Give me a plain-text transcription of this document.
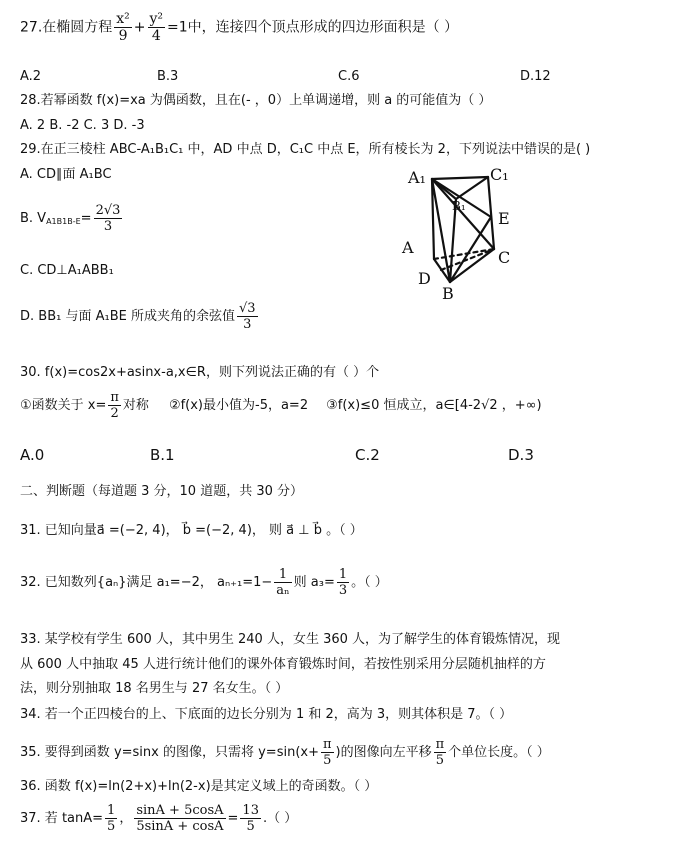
27.在椭圆方程 $\frac{\text{x²}}{9} + \frac{\text{y²}}{4} =1$中，连接四个顶点形成的四边形面积是（ ）
A.2	B.3	C.6	D.12
28.若幂函数 f(x)=xa 为偶函数，且在(- ，0）上单调递增，则 a 的可能值为（ ）
A. 2 B. -2 C. 3 D. -3
29.在正三棱柱 ABC-A₁B₁C₁ 中，AD 中点 D，C₁C 中点 E，所有棱长为 2，下列说法中错误的是( )
A. CD∥面 A₁BC
B. $VA1B1B-E= \frac{2√3}{3}$
C. CD⊥A₁ABB₁
D. BB₁ 与面 A₁BE 所成夹角的余弦值 $\frac{√3}{3}$
A₁	C₁
B₁
E
A
C
D
B
30. f(x)=cos2x+asinx-a,x∈R，则下列说法正确的有（ ）个
①函数关于 $x= \frac{\pi}{2}$ 对称 ②f(x)最小值为-5，a=2 ③f(x)≤0 恒成立，a∈[4-2√2 ，+∞)
A.0	B.1	C.2	D.3
二、判断题（每道题 3 分，10 道题，共 30 分）
31. 已知向量a⃗ =(−2, 4)， b⃗ =(−2, 4)， 则 a⃗ ⊥ b⃗ 。（ ）
32. 已知数列{aₙ}满足 a₁=−2， $a_{n+1}=1- \frac{1}{\text{aₙ}}$ 则 $a_3= \frac{1}{3}$ 。（ ）
33. 某学校有学生 600 人，其中男生 240 人，女生 360 人，为了解学生的体育锻炼情况，现
从 600 人中抽取 45 人进行统计他们的课外体育锻炼时间，若按性别采用分层随机抽样的方
法，则分别抽取 18 名男生与 27 名女生。（ ）
34. 若一个正四棱台的上、下底面的边长分别为 1 和 2，高为 3，则其体积是 7。（ ）
35. 要得到函数 y=sinx 的图像，只需将 $y=\sin(x+ \frac{\pi}{5}$ )的图像向左平移 $\frac{\pi}{5}$ 个单位长度。（ ）
36. 函数 f(x)=ln(2+x)+ln(2-x)是其定义域上的奇函数。（ ）
37. 若 $\tan A= \frac{1}{5}$ ， $\frac{\sin A + 5\cos A}{5\sin A + \cos A} = \frac{13}{5}$ .（ ）
